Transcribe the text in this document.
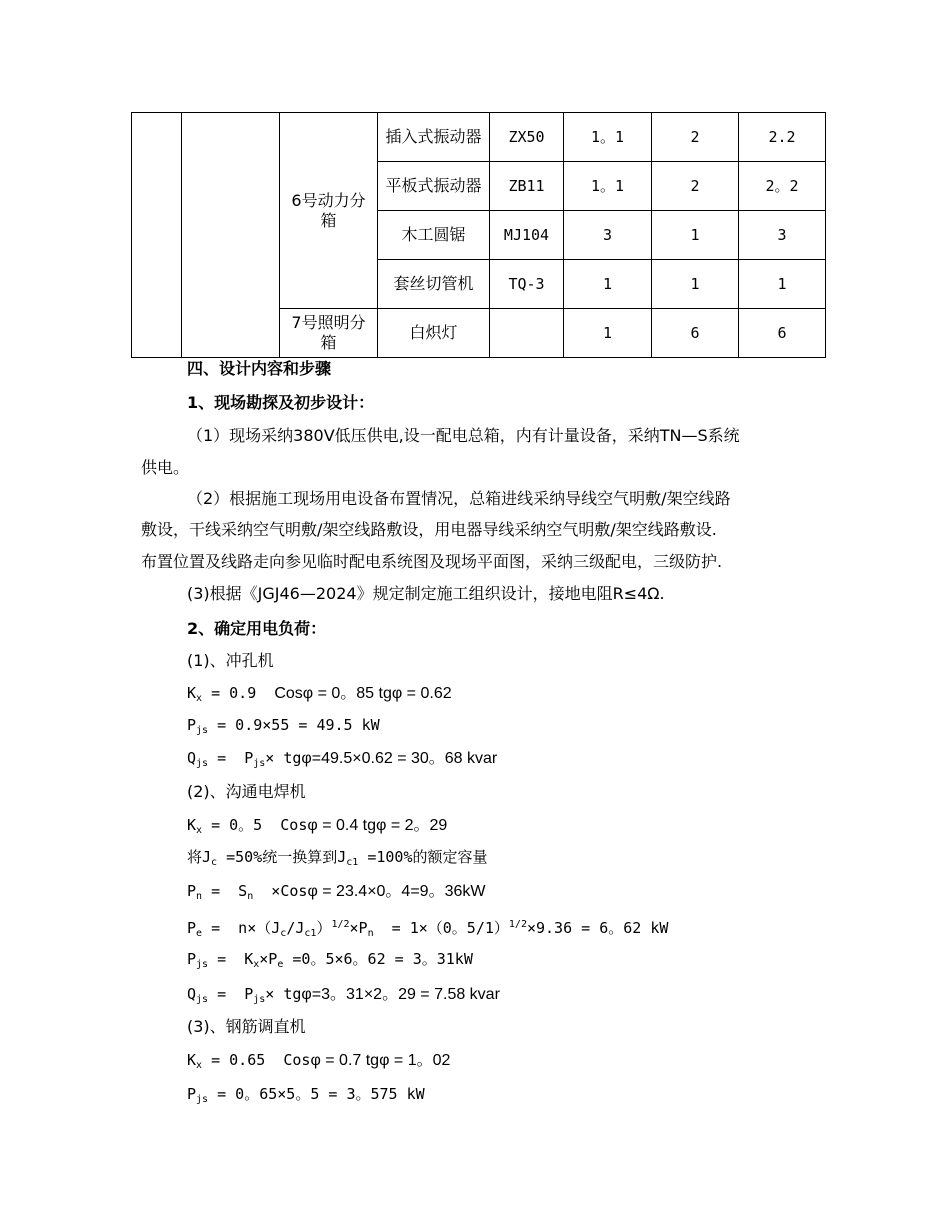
		6号动力分箱	插入式振动器	ZX50	1。1	2	2.2
			平板式振动器	ZB11	1。1	2	2。2
			木工圆锯	MJ104	3	1	3
			套丝切管机	TQ-3	1	1	1
		7号照明分箱	白炽灯		1	6	6
四、设计内容和步骤
1、现场勘探及初步设计：
（1）现场采纳380V低压供电,设一配电总箱，内有计量设备，采纳TN—S系统
供电。
（2）根据施工现场用电设备布置情况，总箱进线采纳导线空气明敷/架空线路
敷设，干线采纳空气明敷/架空线路敷设，用电器导线采纳空气明敷/架空线路敷设.
布置位置及线路走向参见临时配电系统图及现场平面图，采纳三级配电，三级防护.
(3)根据《JGJ46—2024》规定制定施工组织设计，接地电阻R≤4Ω.
2、确定用电负荷：
(1)、冲孔机
$K_x = 0.9$  Cosφ = 0。85 tgφ = 0.62
$P_{js} = 0.9\times 55 = 49.5$ kW
$Q_{js} = P_{js}\times tg\varphi=49.5\times 0.62 = 30$。68 kvar
(2)、沟通电焊机
$K_x = 0$。5  Cosφ = 0.4 tgφ = 2。29
将$J_c =50\%$统一换算到$J_{c1} =100\%$的额定容量
$P_n = S_n \times Cos\varphi = 23.4\times 0$。4=9。36kW
$P_e = n\times(J_c/J_{c1})^{1/2}\times P_n = 1\times(0$。5/1）$^{1/2}$×9.36 = 6。62 kW
$P_{js} = K_x\times P_e =0$。5×6。62 = 3。31kW
$Q_{js} = P_{js}\times tg\varphi=3$。31×2。29 = 7.58 kvar
(3)、钢筋调直机
$K_x = 0.65$  Cosφ = 0.7 tgφ = 1。02
$P_{js} = 0$。65×5。5 = 3。575 kW
